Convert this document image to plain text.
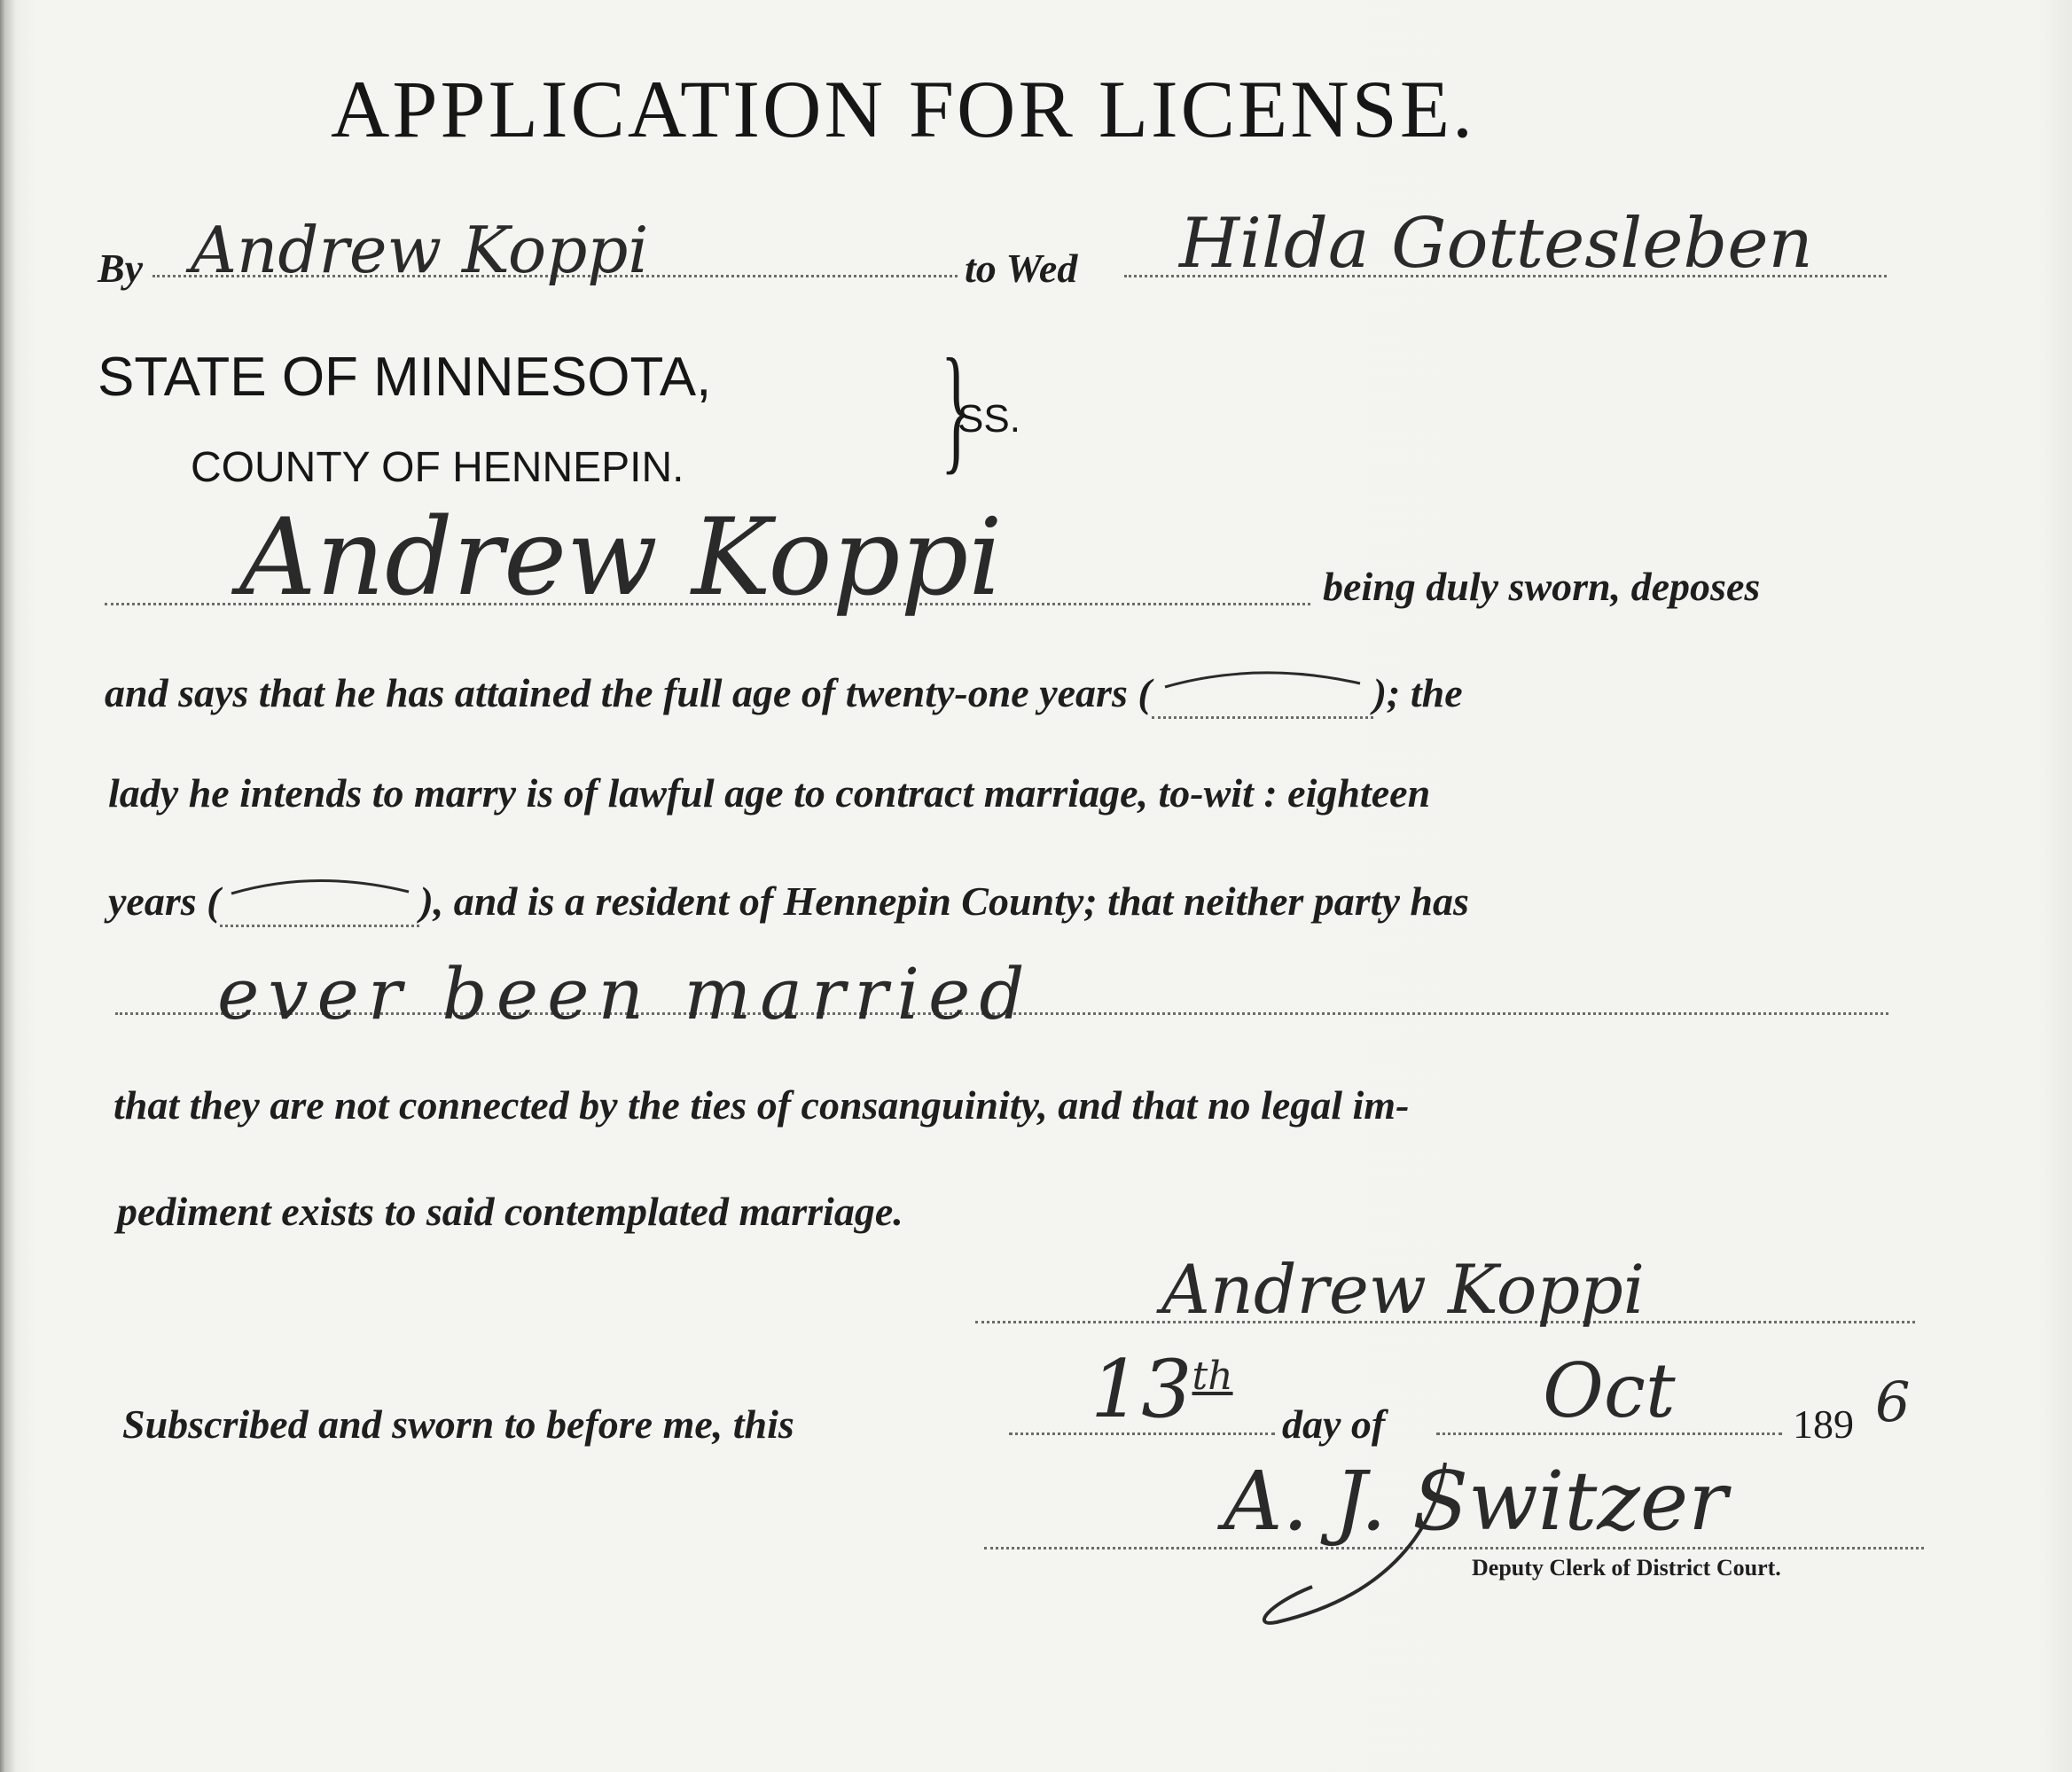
APPLICATION FOR LICENSE.
By Andrew Koppi	to Wed Hilda Gottesleben
STATE OF MINNESOTA,
COUNTY OF HENNEPIN. }
SS.
Andrew Koppi	being duly sworn, deposes
and says that he has attained the full age of twenty-one years (	); the
lady he intends to marry is of lawful age to contract marriage, to-wit : eighteen
years (	), and is a resident of Hennepin County; that neither party has
ever been married
that they are not connected by the ties of consanguinity, and that no legal im-
pediment exists to said contemplated marriage.
Andrew Koppi
Subscribed and sworn to before me, this	13th
day of Oct	189 6
A. J. Switzer
Deputy Clerk of District Court.
